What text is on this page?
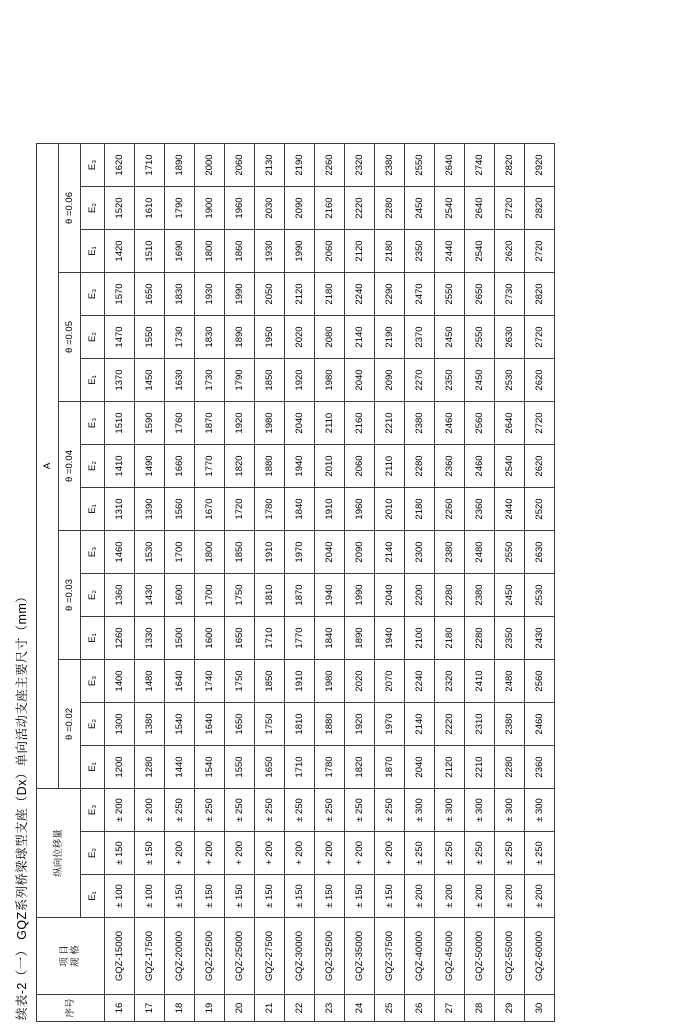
续表-2（一） GQZ系列桥梁球型支座（Dx）单向活动支座主要尺寸（mm）	序号	项 目 规 格	纵向位移量			A														
					θ =0.02			θ =0.03			θ =0.04			θ =0.05			θ =0.06		
		E₁	E₂	E₃	E₁	E₂	E₃	E₁	E₂	E₃	E₁	E₂	E₃	E₁	E₂	E₃	E₁	E₂	E₃
16	GQZ-15000	± 100	± 150	± 200	1200	1300	1400	1260	1360	1460	1310	1410	1510	1370	1470	1570	1420	1520	1620
17	GQZ-17500	± 100	± 150	± 200	1280	1380	1480	1330	1430	1530	1390	1490	1590	1450	1550	1650	1510	1610	1710
18	GQZ-20000	± 150	+ 200	± 250	1440	1540	1640	1500	1600	1700	1560	1660	1760	1630	1730	1830	1690	1790	1890
19	GQZ-22500	± 150	+ 200	± 250	1540	1640	1740	1600	1700	1800	1670	1770	1870	1730	1830	1930	1800	1900	2000
20	GQZ-25000	± 150	+ 200	± 250	1550	1650	1750	1650	1750	1850	1720	1820	1920	1790	1890	1990	1860	1960	2060
21	GQZ-27500	± 150	+ 200	± 250	1650	1750	1850	1710	1810	1910	1780	1880	1980	1850	1950	2050	1930	2030	2130
22	GQZ-30000	± 150	+ 200	± 250	1710	1810	1910	1770	1870	1970	1840	1940	2040	1920	2020	2120	1990	2090	2190
23	GQZ-32500	± 150	+ 200	± 250	1780	1880	1980	1840	1940	2040	1910	2010	2110	1980	2080	2180	2060	2160	2260
24	GQZ-35000	± 150	+ 200	± 250	1820	1920	2020	1890	1990	2090	1960	2060	2160	2040	2140	2240	2120	2220	2320
25	GQZ-37500	± 150	+ 200	± 250	1870	1970	2070	1940	2040	2140	2010	2110	2210	2090	2190	2290	2180	2280	2380
26	GQZ-40000	± 200	± 250	± 300	2040	2140	2240	2100	2200	2300	2180	2280	2380	2270	2370	2470	2350	2450	2550
27	GQZ-45000	± 200	± 250	± 300	2120	2220	2320	2180	2280	2380	2260	2360	2460	2350	2450	2550	2440	2540	2640
28	GQZ-50000	± 200	± 250	± 300	2210	2310	2410	2280	2380	2480	2360	2460	2560	2450	2550	2650	2540	2640	2740
29	GQZ-55000	± 200	± 250	± 300	2280	2380	2480	2350	2450	2550	2440	2540	2640	2530	2630	2730	2620	2720	2820
30	GQZ-60000	± 200	± 250	± 300	2360	2460	2560	2430	2530	2630	2520	2620	2720	2620	2720	2820	2720	2820	2920
